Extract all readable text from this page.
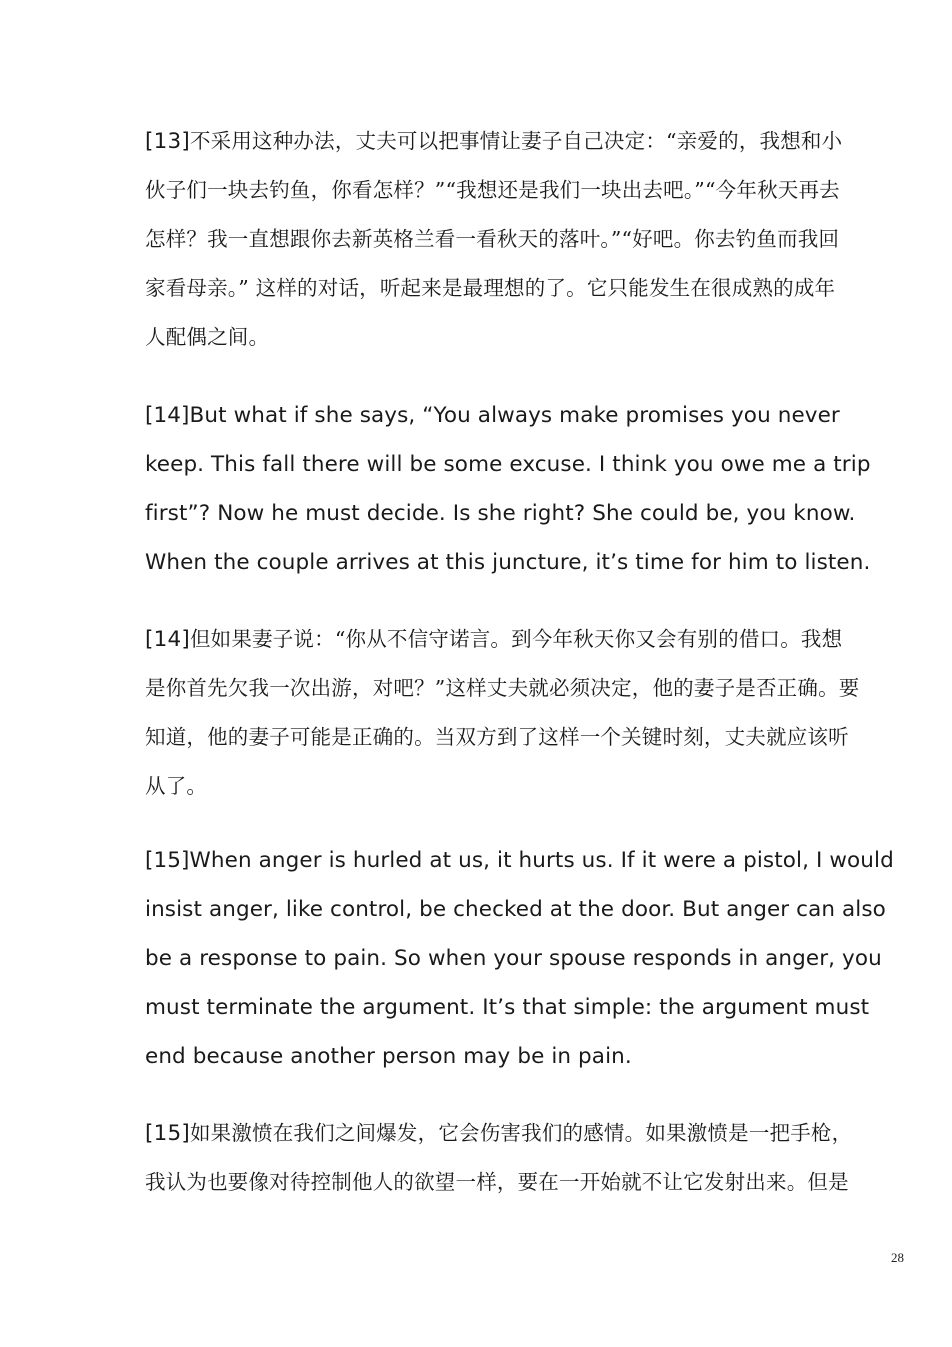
[13]不采用这种办法，丈夫可以把事情让妻子自己决定：“亲爱的，我想和小
伙子们一块去钓鱼，你看怎样？”“我想还是我们一块出去吧。”“今年秋天再去
怎样？我一直想跟你去新英格兰看一看秋天的落叶。”“好吧。你去钓鱼而我回
家看母亲。” 这样的对话，听起来是最理想的了。它只能发生在很成熟的成年
人配偶之间。
[14]But what if she says, “You always make promises you never
keep. This fall there will be some excuse. I think you owe me a trip
first”? Now he must decide. Is she right? She could be, you know.
When the couple arrives at this juncture, it’s time for him to listen.
[14]但如果妻子说：“你从不信守诺言。到今年秋天你又会有别的借口。我想
是你首先欠我一次出游，对吧？”这样丈夫就必须决定，他的妻子是否正确。要
知道，他的妻子可能是正确的。当双方到了这样一个关键时刻，丈夫就应该听
从了。
[15]When anger is hurled at us, it hurts us. If it were a pistol, I would
insist anger, like control, be checked at the door. But anger can also
be a response to pain. So when your spouse responds in anger, you
must terminate the argument. It’s that simple: the argument must
end because another person may be in pain.
[15]如果激愤在我们之间爆发，它会伤害我们的感情。如果激愤是一把手枪，
我认为也要像对待控制他人的欲望一样，要在一开始就不让它发射出来。但是
28
